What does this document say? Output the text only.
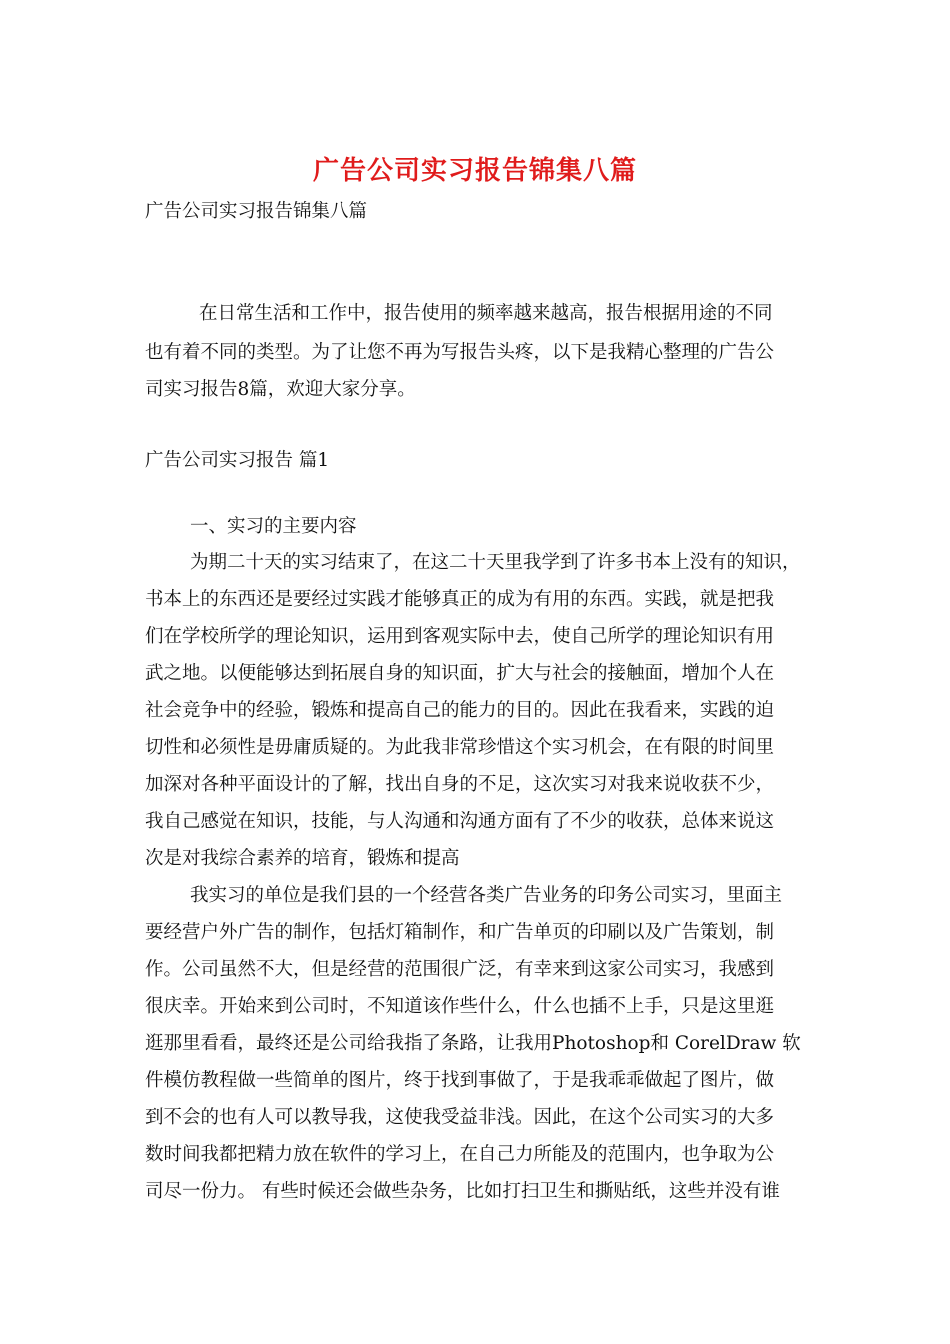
广告公司实习报告锦集八篇

广告公司实习报告锦集八篇

在日常生活和工作中，报告使用的频率越来越高，报告根据用途的不同

也有着不同的类型。为了让您不再为写报告头疼，以下是我精心整理的广告公

司实习报告8篇，欢迎大家分享。

广告公司实习报告 篇1

一、实习的主要内容

为期二十天的实习结束了，在这二十天里我学到了许多书本上没有的知识，

书本上的东西还是要经过实践才能够真正的成为有用的东西。实践，就是把我

们在学校所学的理论知识，运用到客观实际中去，使自己所学的理论知识有用

武之地。以便能够达到拓展自身的知识面，扩大与社会的接触面，增加个人在

社会竞争中的经验，锻炼和提高自己的能力的目的。因此在我看来，实践的迫

切性和必须性是毋庸质疑的。为此我非常珍惜这个实习机会，在有限的时间里

加深对各种平面设计的了解，找出自身的不足，这次实习对我来说收获不少，

我自己感觉在知识，技能，与人沟通和沟通方面有了不少的收获，总体来说这

次是对我综合素养的培育，锻炼和提高

我实习的单位是我们县的一个经营各类广告业务的印务公司实习，里面主

要经营户外广告的制作，包括灯箱制作，和广告单页的印刷以及广告策划，制

作。公司虽然不大，但是经营的范围很广泛，有幸来到这家公司实习，我感到

很庆幸。开始来到公司时，不知道该作些什么，什么也插不上手，只是这里逛

逛那里看看，最终还是公司给我指了条路，让我用Photoshop和 CorelDraw 软

件模仿教程做一些简单的图片，终于找到事做了，于是我乖乖做起了图片，做

到不会的也有人可以教导我，这使我受益非浅。因此，在这个公司实习的大多

数时间我都把精力放在软件的学习上，在自己力所能及的范围内，也争取为公

司尽一份力。 有些时候还会做些杂务，比如打扫卫生和撕贴纸，这些并没有谁
